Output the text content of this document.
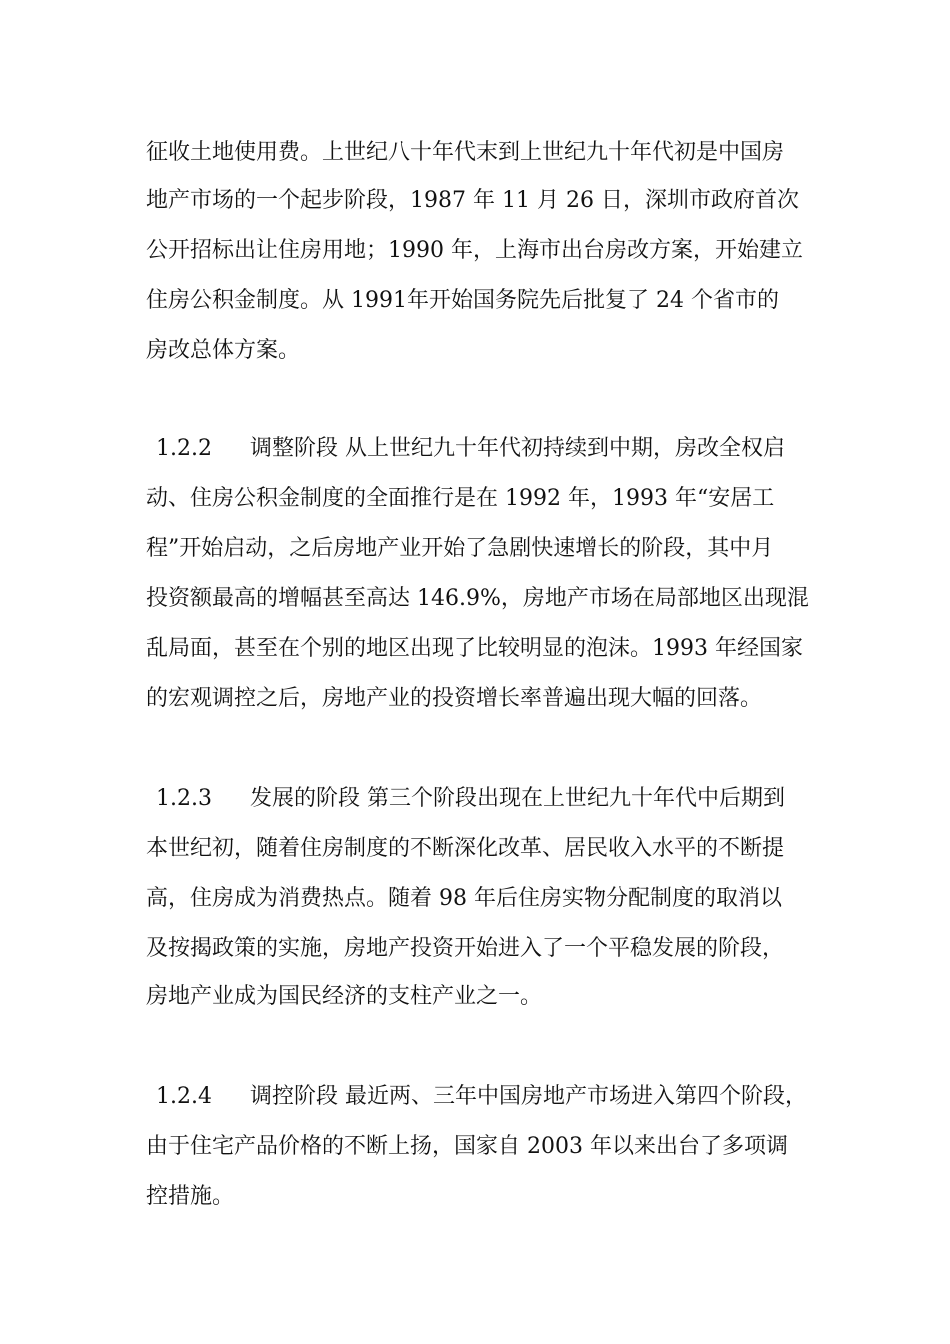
征收土地使用费。上世纪八十年代末到上世纪九十年代初是中国房
地产市场的一个起步阶段，1987 年 11 月 26 日，深圳市政府首次
公开招标出让住房用地；1990 年，上海市出台房改方案，开始建立
住房公积金制度。从 1991年开始国务院先后批复了 24 个省市的
房改总体方案。
1.2.2 调整阶段 从上世纪九十年代初持续到中期，房改全权启
动、住房公积金制度的全面推行是在 1992 年，1993 年“安居工
程”开始启动，之后房地产业开始了急剧快速增长的阶段，其中月
投资额最高的增幅甚至高达 146.9%，房地产市场在局部地区出现混
乱局面，甚至在个别的地区出现了比较明显的泡沫。1993 年经国家
的宏观调控之后，房地产业的投资增长率普遍出现大幅的回落。
1.2.3 发展的阶段 第三个阶段出现在上世纪九十年代中后期到
本世纪初，随着住房制度的不断深化改革、居民收入水平的不断提
高，住房成为消费热点。随着 98 年后住房实物分配制度的取消以
及按揭政策的实施，房地产投资开始进入了一个平稳发展的阶段，
房地产业成为国民经济的支柱产业之一。
1.2.4 调控阶段 最近两、三年中国房地产市场进入第四个阶段，
由于住宅产品价格的不断上扬，国家自 2003 年以来出台了多项调
控措施。
